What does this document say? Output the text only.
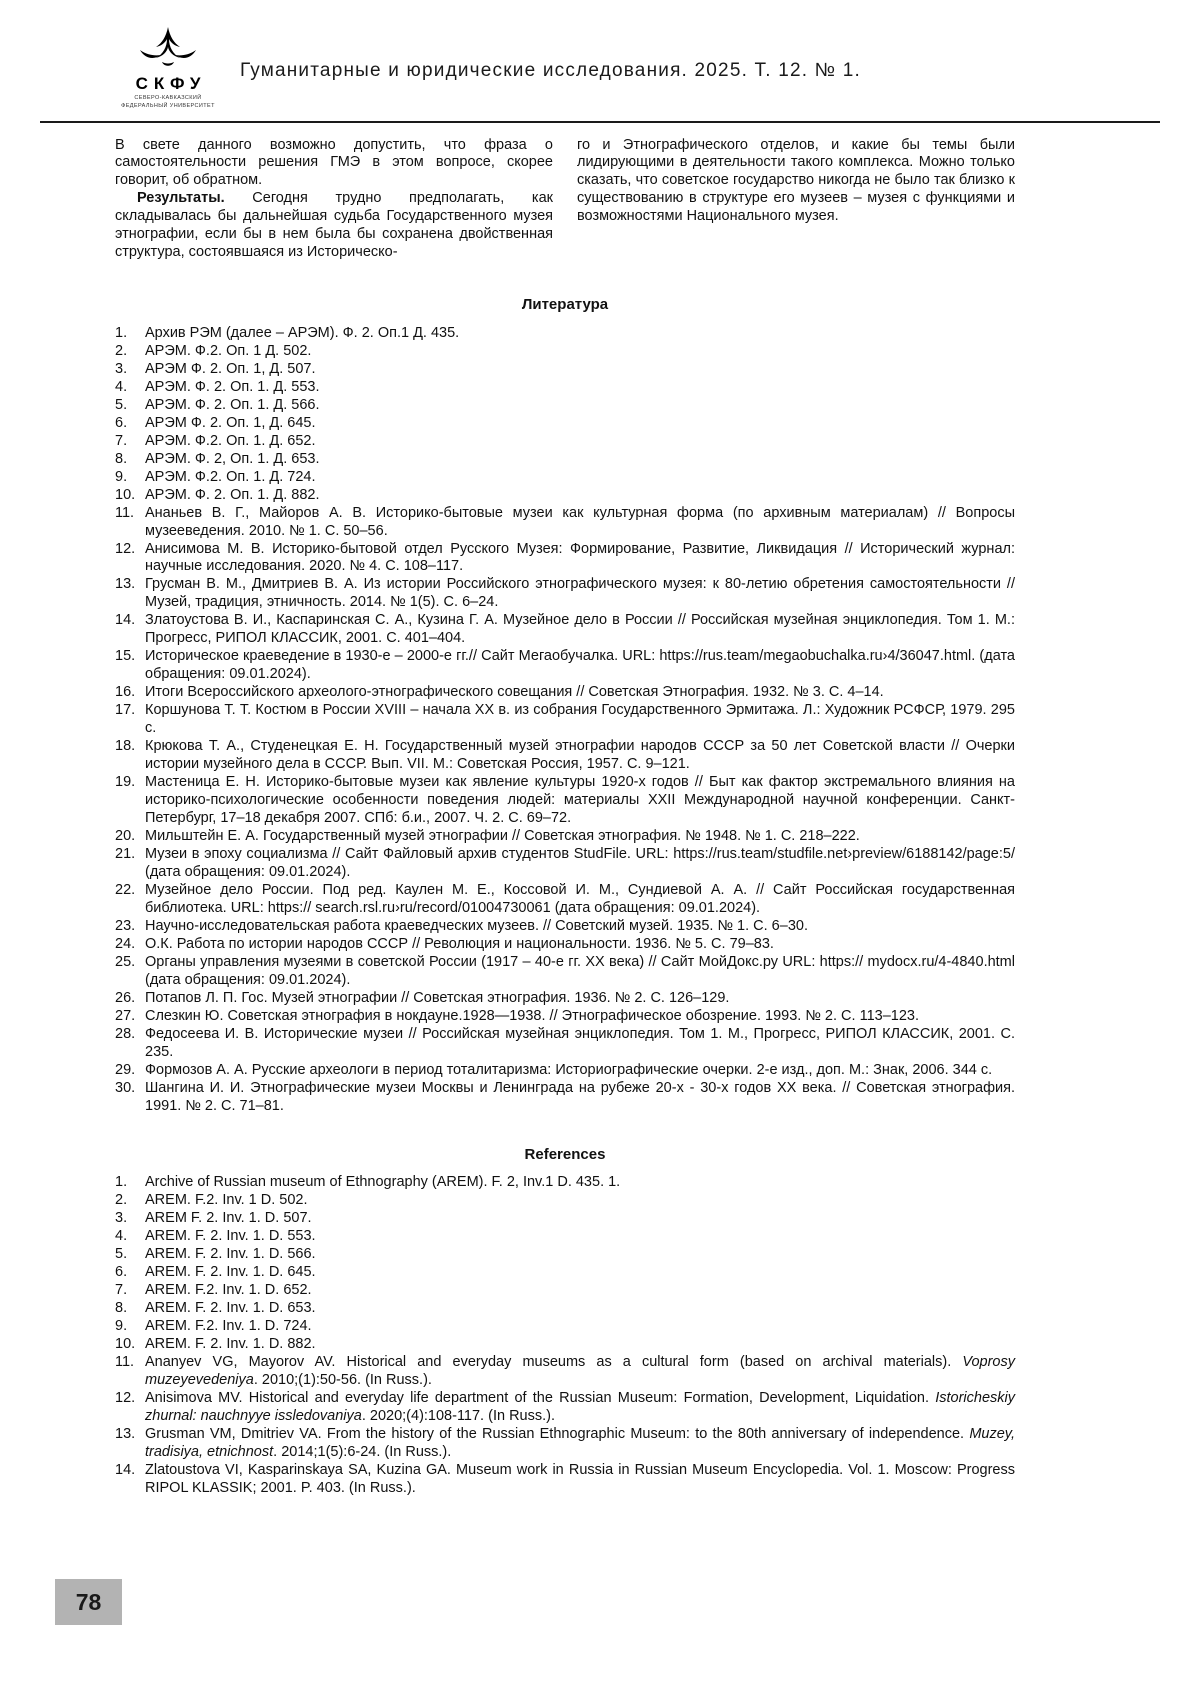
СКФУ
СЕВЕРО-КАВКАЗСКИЙ
ФЕДЕРАЛЬНЫЙ УНИВЕРСИТЕТ
Гуманитарные и юридические исследования. 2025. Т. 12. № 1.

В свете данного возможно допустить, что фраза о самостоятельности решения ГМЭ в этом вопросе, скорее говорит, об обратном.

Результаты. Сегодня трудно предполагать, как складывалась бы дальнейшая судьба Государственного музея этнографии, если бы в нем была бы сохранена двойственная структура, состоявшаяся из Историческо-

го и Этнографического отделов, и какие бы темы были лидирующими в деятельности такого комплекса. Можно только сказать, что советское государство никогда не было так близко к существованию в структуре его музеев – музея с функциями и возможностями Национального музея.

Литература
1.	Архив РЭМ (далее – АРЭМ). Ф. 2. Оп.1 Д. 435.
2.	АРЭМ. Ф.2. Оп. 1 Д. 502.
3.	АРЭМ Ф. 2. Оп. 1, Д. 507.
4.	АРЭМ. Ф. 2. Оп. 1. Д. 553.
5.	АРЭМ. Ф. 2. Оп. 1. Д. 566.
6.	АРЭМ Ф. 2. Оп. 1, Д. 645.
7.	АРЭМ. Ф.2. Оп. 1. Д. 652.
8.	АРЭМ. Ф. 2, Оп. 1. Д. 653.
9.	АРЭМ. Ф.2. Оп. 1. Д. 724.
10. АРЭМ. Ф. 2. Оп. 1. Д. 882.
11. Ананьев В. Г., Майоров А. В. Историко-бытовые музеи как культурная форма (по архивным материалам) // Вопросы музееведения. 2010. № 1. С. 50–56.
12. Анисимова М. В. Историко-бытовой отдел Русского Музея: Формирование, Развитие, Ликвидация // Исторический журнал: научные исследования. 2020. № 4. С. 108–117.
13. Грусман В. М., Дмитриев В. А. Из истории Российского этнографического музея: к 80-летию обретения самостоятельности // Музей, традиция, этничность. 2014. № 1(5). С. 6–24.
14. Златоустова В. И., Каспаринская С. А., Кузина Г. А. Музейное дело в России // Российская музейная энциклопедия. Том 1. М.: Прогресс, РИПОЛ КЛАССИК, 2001. С. 401–404.
15. Историческое краеведение в 1930-е – 2000-е гг.// Сайт Мегаобучалка. URL: https://rus.team/megaobuchalka.ru›4/36047.html. (дата обращения: 09.01.2024).
16. Итоги Всероссийского археолого-этнографического совещания // Советская Этнография. 1932. № 3. С. 4–14.
17. Коршунова Т. Т. Костюм в России XVIII – начала XX в. из собрания Государственного Эрмитажа. Л.: Художник РСФСР, 1979. 295 с.
18. Крюкова Т. А., Студенецкая Е. Н. Государственный музей этнографии народов СССР за 50 лет Советской власти // Очерки истории музейного дела в СССР. Вып. VII. М.: Советская Россия, 1957. С. 9–121.
19. Мастеница Е. Н. Историко-бытовые музеи как явление культуры 1920-х годов // Быт как фактор экстремального влияния на историко-психологические особенности поведения людей: материалы XXII Международной научной конференции. Санкт-Петербург, 17–18 декабря 2007. СПб: б.и., 2007. Ч. 2. С. 69–72.
20. Мильштейн Е. А. Государственный музей этнографии // Советская этнография. № 1948. № 1. С. 218–222.
21. Музеи в эпоху социализма // Сайт Файловый архив студентов StudFile. URL: https://rus.team/studfile.net›preview/6188142/page:5/ (дата обращения: 09.01.2024).
22. Музейное дело России. Под ред. Каулен М. Е., Коссовой И. М., Сундиевой А. А. // Сайт Российская государственная библиотека. URL: https:// search.rsl.ru›ru/record/01004730061 (дата обращения: 09.01.2024).
23. Научно-исследовательская работа краеведческих музеев. // Советский музей. 1935. № 1. С. 6–30.
24. О.К. Работа по истории народов СССР // Революция и национальности. 1936. № 5. С. 79–83.
25. Органы управления музеями в советской России (1917 – 40-е гг. XX века) // Сайт МойДокс.ру URL: https:// mydocx.ru/4-4840.html (дата обращения: 09.01.2024).
26. Потапов Л. П. Гос. Музей этнографии // Советская этнография. 1936. № 2. С. 126–129.
27. Слезкин Ю. Советская этнография в нокдауне.1928—1938. // Этнографическое обозрение. 1993. № 2. С. 113–123.
28. Федосеева И. В. Исторические музеи // Российская музейная энциклопедия. Том 1. М., Прогресс, РИПОЛ КЛАССИК, 2001. С. 235.
29. Формозов А. А. Русские археологи в период тоталитаризма: Историографические очерки. 2-е изд., доп. М.: Знак, 2006. 344 с.
30. Шангина И. И. Этнографические музеи Москвы и Ленинграда на рубеже 20-х - 30-х годов XX века. // Советская этнография. 1991. № 2. С. 71–81.
References
1.	Archive of Russian museum of Ethnography (AREM). F. 2, Inv.1 D. 435. 1.
2.	AREM. F.2. Inv. 1 D. 502.
3.	AREM F. 2. Inv. 1. D. 507.
4.	AREM. F. 2. Inv. 1. D. 553.
5.	AREM. F. 2. Inv. 1. D. 566.
6.	AREM. F. 2. Inv. 1. D. 645.
7.	AREM. F.2. Inv. 1. D. 652.
8.	AREM. F. 2. Inv. 1. D. 653.
9.	AREM. F.2. Inv. 1. D. 724.
10. AREM. F. 2. Inv. 1. D. 882.
11. Ananyev VG, Mayorov AV. Historical and everyday museums as a cultural form (based on archival materials). Voprosy muzeyevedeniya. 2010;(1):50-56. (In Russ.).
12. Anisimova MV. Historical and everyday life department of the Russian Museum: Formation, Development, Liquidation. Istoricheskiy zhurnal: nauchnyye issledovaniya. 2020;(4):108-117. (In Russ.).
13. Grusman VM, Dmitriev VA. From the history of the Russian Ethnographic Museum: to the 80th anniversary of independence. Muzey, tradisiya, etnichnost. 2014;1(5):6-24. (In Russ.).
14. Zlatoustova VI, Kasparinskaya SA, Kuzina GA. Museum work in Russia in Russian Museum Encyclopedia. Vol. 1. Moscow: Progress RIPOL KLASSIK; 2001. P. 403. (In Russ.).
78
